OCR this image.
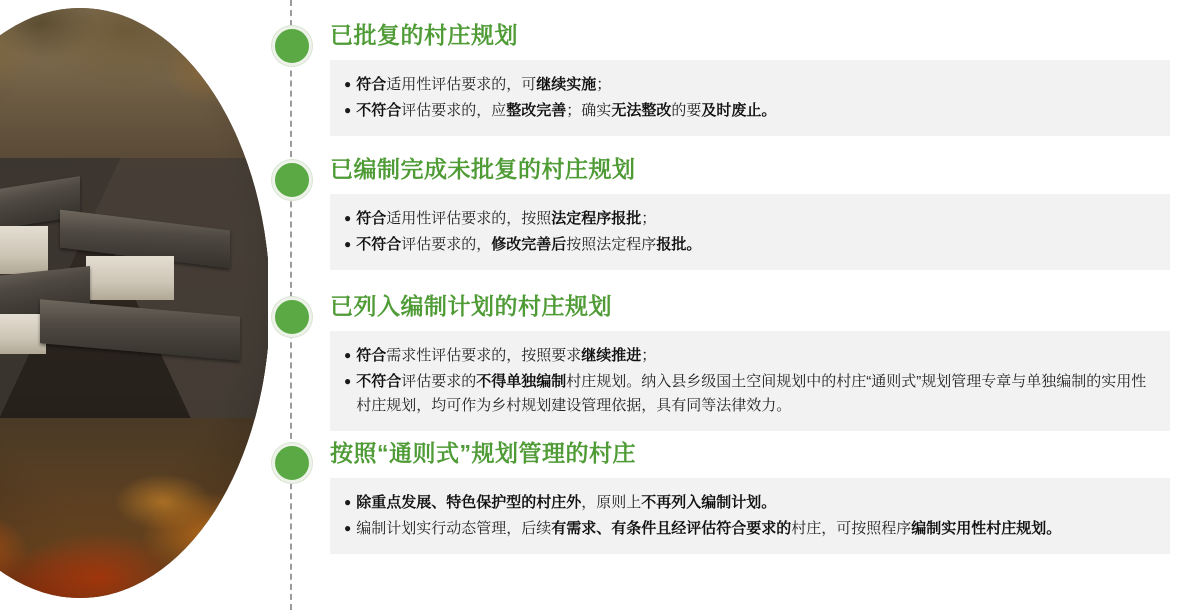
已批复的村庄规划
● 符合适用性评估要求的，可继续实施；
● 不符合评估要求的，应整改完善；确实无法整改的要及时废止。
已编制完成未批复的村庄规划
● 符合适用性评估要求的，按照法定程序报批；
● 不符合评估要求的，修改完善后按照法定程序报批。
已列入编制计划的村庄规划
● 符合需求性评估要求的，按照要求继续推进；
● 不符合评估要求的不得单独编制村庄规划。纳入县乡级国土空间规划中的村庄“通则式”规划管理专章与单独编制的实用性村庄规划，均可作为乡村规划建设管理依据，具有同等法律效力。
按照“通则式”规划管理的村庄
● 除重点发展、特色保护型的村庄外，原则上不再列入编制计划。
● 编制计划实行动态管理，后续有需求、有条件且经评估符合要求的村庄，可按照程序编制实用性村庄规划。
